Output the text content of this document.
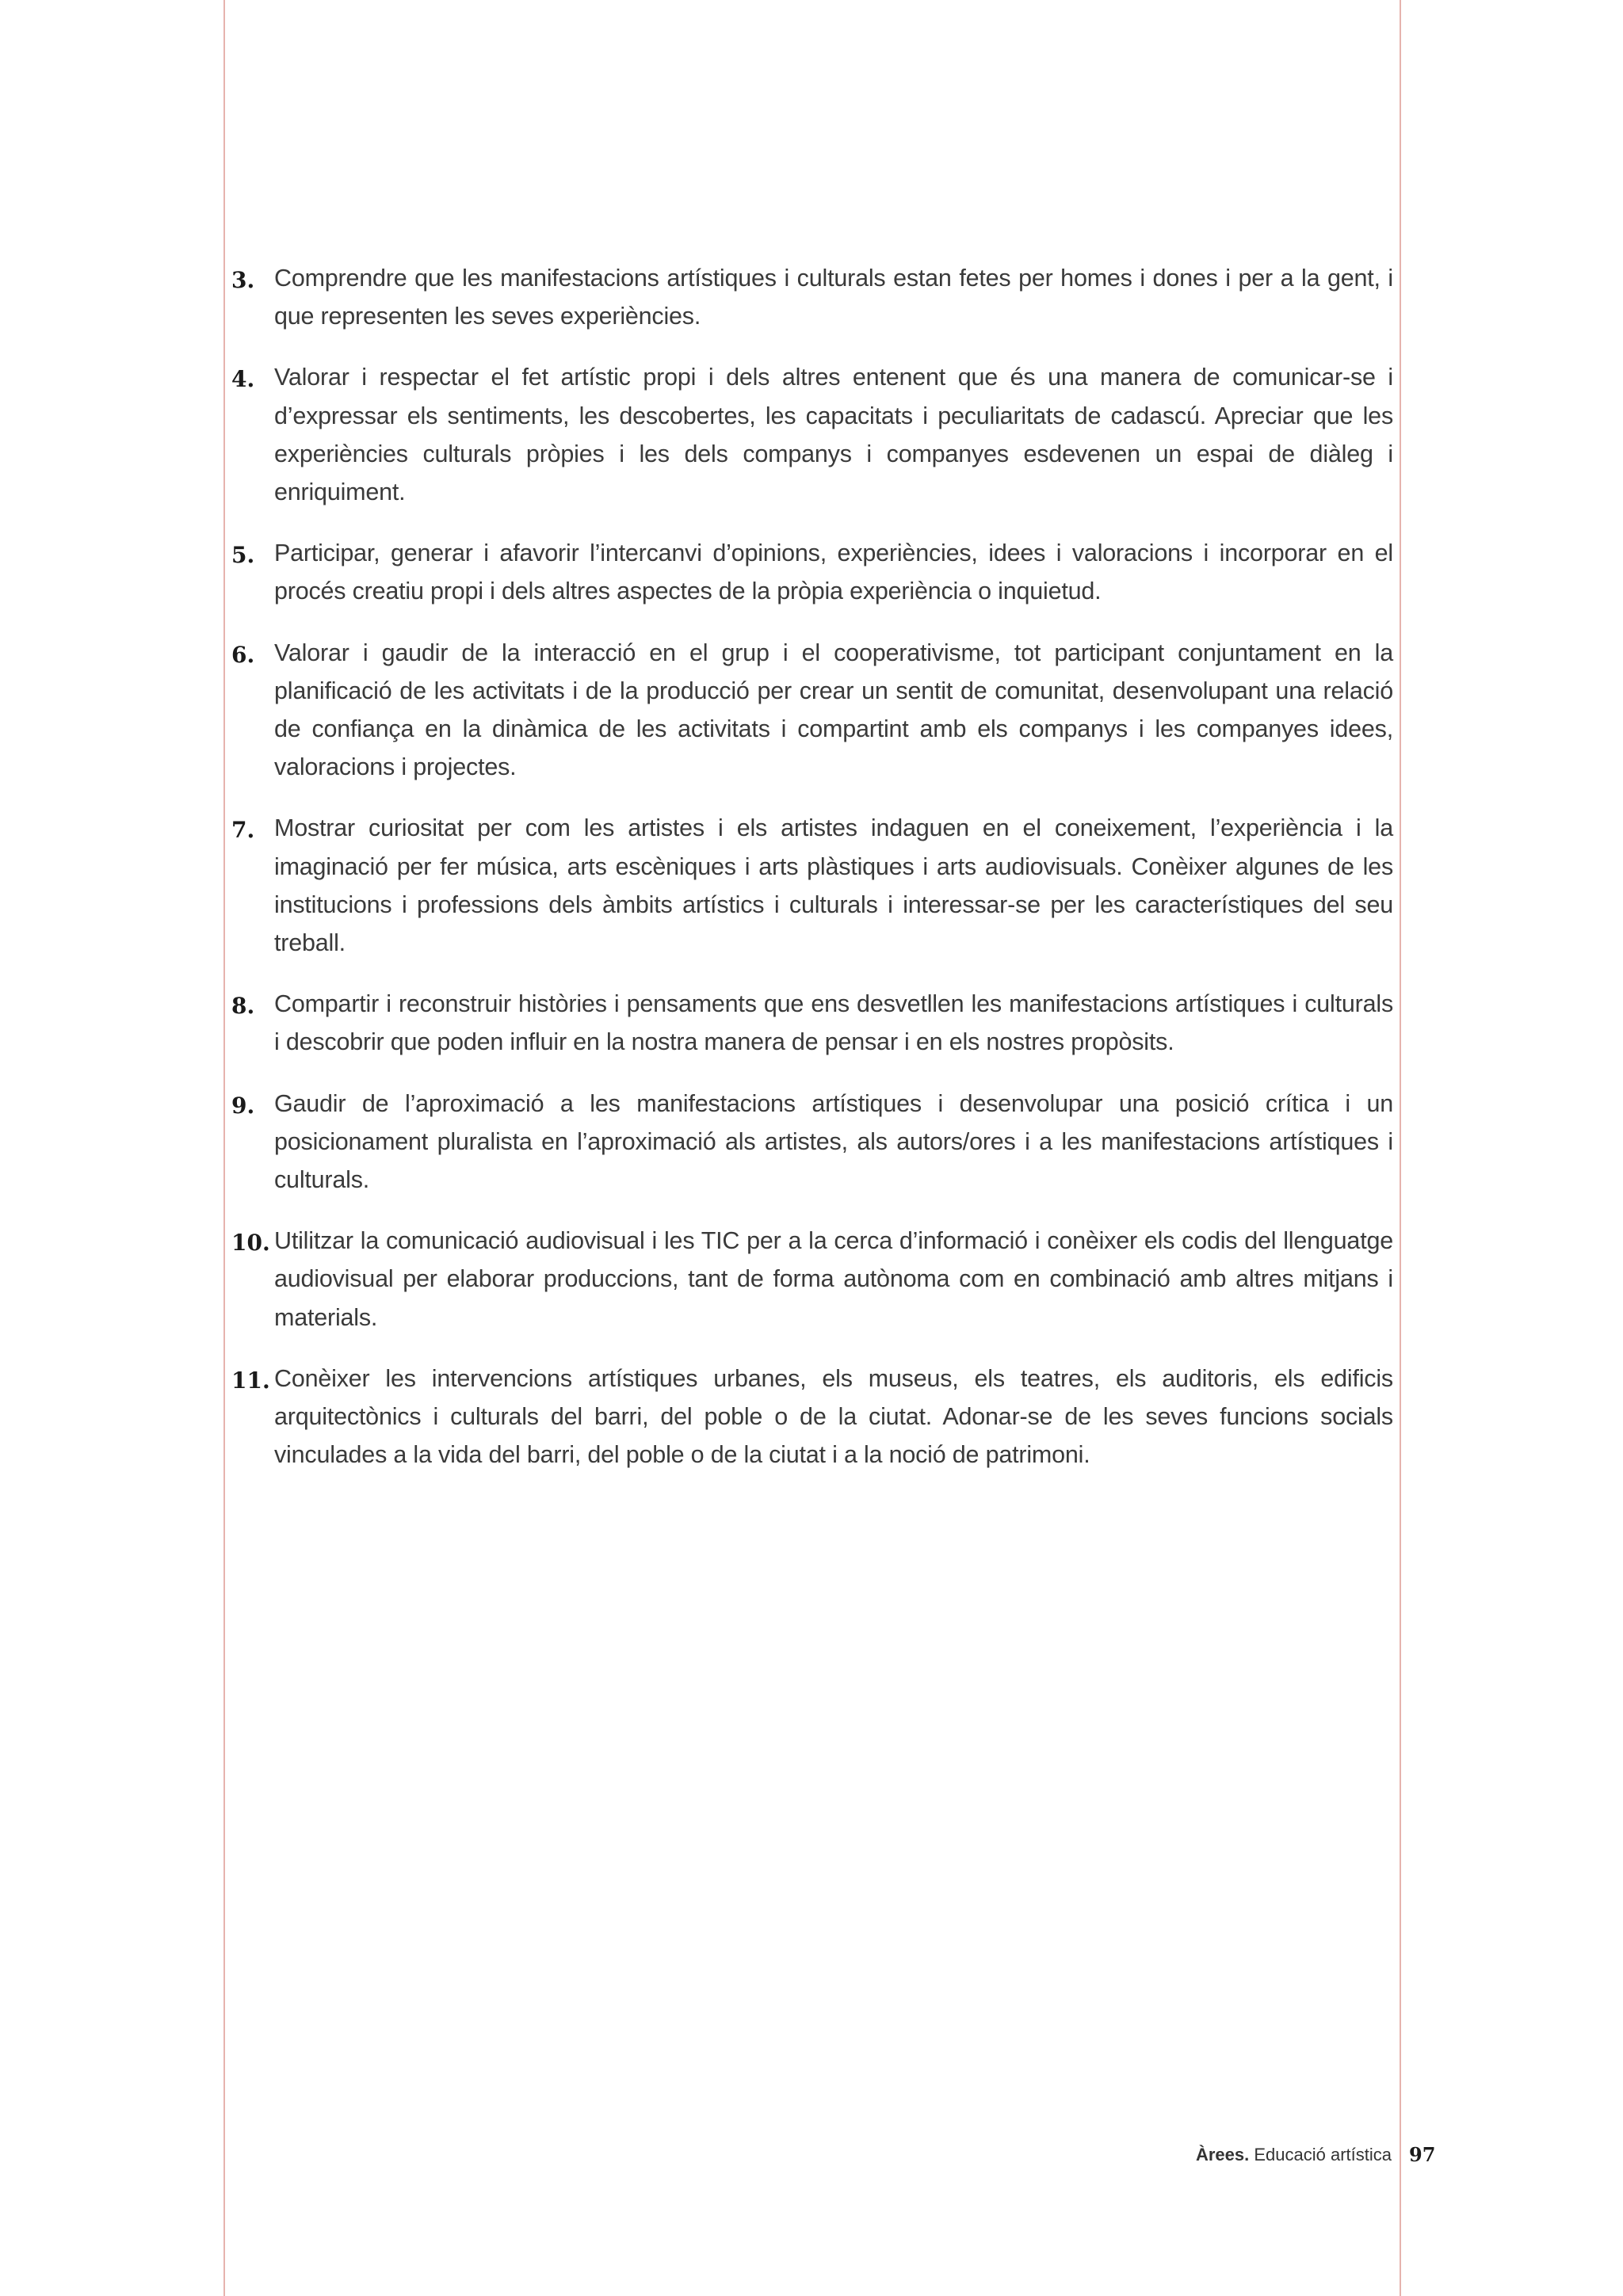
3. Comprendre que les manifestacions artístiques i culturals estan fetes per homes i dones i per a la gent, i que representen les seves experiències.
4. Valorar i respectar el fet artístic propi i dels altres entenent que és una manera de comunicar-se i d’expressar els sentiments, les descobertes, les capacitats i peculiaritats de cadascú. Apreciar que les experiències culturals pròpies i les dels companys i companyes esdevenen un espai de diàleg i enriquiment.
5. Participar, generar i afavorir l’intercanvi d’opinions, experiències, idees i valoracions i incorporar en el procés creatiu propi i dels altres aspectes de la pròpia experiència o inquietud.
6. Valorar i gaudir de la interacció en el grup i el cooperativisme, tot participant conjuntament en la planificació de les activitats i de la producció per crear un sentit de comunitat, desenvolupant una relació de confiança en la dinàmica de les activitats i compartint amb els companys i les companyes idees, valoracions i projectes.
7. Mostrar curiositat per com les artistes i els artistes indaguen en el coneixement, l’experiència i la imaginació per fer música, arts escèniques i arts plàstiques i arts audiovisuals. Conèixer algunes de les institucions i professions dels àmbits artístics i culturals i interessar-se per les característiques del seu treball.
8. Compartir i reconstruir històries i pensaments que ens desvetllen les manifestacions artístiques i culturals i descobrir que poden influir en la nostra manera de pensar i en els nostres propòsits.
9. Gaudir de l’aproximació a les manifestacions artístiques i desenvolupar una posició crítica i un posicionament pluralista en l’aproximació als artistes, als autors/ores i a les manifestacions artístiques i culturals.
10. Utilitzar la comunicació audiovisual i les TIC per a la cerca d’informació i conèixer els codis del llenguatge audiovisual per elaborar produccions, tant de forma autònoma com en combinació amb altres mitjans i materials.
11. Conèixer les intervencions artístiques urbanes, els museus, els teatres, els auditoris, els edificis arquitectònics i culturals del barri, del poble o de la ciutat. Adonar-se de les seves funcions socials vinculades a la vida del barri, del poble o de la ciutat i a la noció de patrimoni.
Àrees. Educació artística 97
